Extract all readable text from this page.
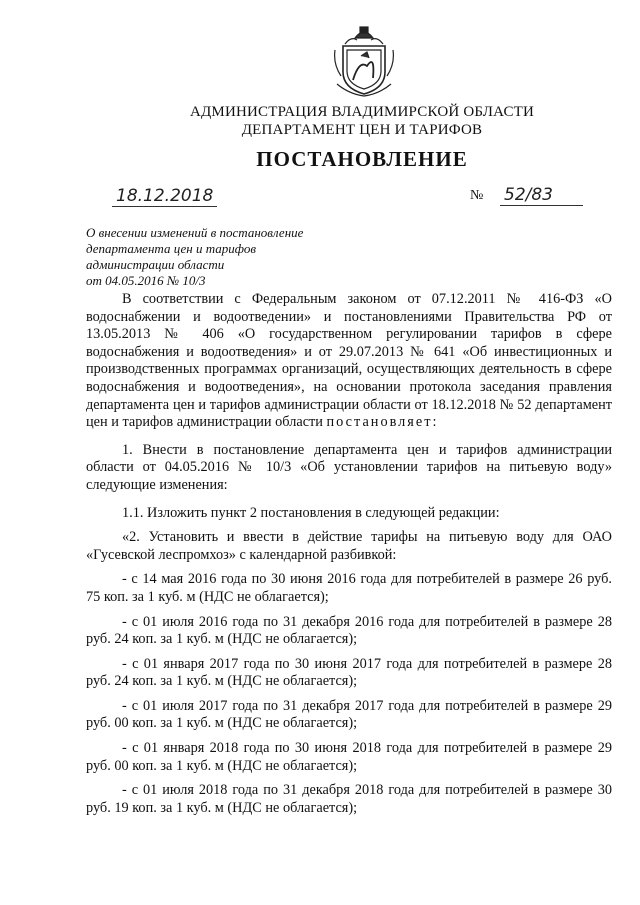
АДМИНИСТРАЦИЯ ВЛАДИМИРСКОЙ ОБЛАСТИ
ДЕПАРТАМЕНТ ЦЕН И ТАРИФОВ
ПОСТАНОВЛЕНИЕ
18.12.2018	№ 52/83
О внесении изменений в постановление
департамента цен и тарифов
администрации области
от 04.05.2016 № 10/3

В соответствии с Федеральным законом от 07.12.2011 № 416-ФЗ «О водоснабжении и водоотведении» и постановлениями Правительства РФ от 13.05.2013 № 406 «О государственном регулировании тарифов в сфере водоснабжения и водоотведения» и от 29.07.2013 № 641 «Об инвестиционных и производственных программах организаций, осуществляющих деятельность в сфере водоснабжения и водоотведения», на основании протокола заседания правления департамента цен и тарифов администрации области от 18.12.2018 № 52 департамент цен и тарифов администрации области постановляет:

1. Внести в постановление департамента цен и тарифов администрации области от 04.05.2016 № 10/3 «Об установлении тарифов на питьевую воду» следующие изменения:

1.1. Изложить пункт 2 постановления в следующей редакции:

«2. Установить и ввести в действие тарифы на питьевую воду для ОАО «Гусевской леспромхоз» с календарной разбивкой:

- с 14 мая 2016 года по 30 июня 2016 года для потребителей в размере 26 руб. 75 коп. за 1 куб. м (НДС не облагается);

- с 01 июля 2016 года по 31 декабря 2016 года для потребителей в размере 28 руб. 24 коп. за 1 куб. м (НДС не облагается);

- с 01 января 2017 года по 30 июня 2017 года для потребителей в размере 28 руб. 24 коп. за 1 куб. м (НДС не облагается);

- с 01 июля 2017 года по 31 декабря 2017 года для потребителей в размере 29 руб. 00 коп. за 1 куб. м (НДС не облагается);

- с 01 января 2018 года по 30 июня 2018 года для потребителей в размере 29 руб. 00 коп. за 1 куб. м (НДС не облагается);

- с 01 июля 2018 года по 31 декабря 2018 года для потребителей в размере 30 руб. 19 коп. за 1 куб. м (НДС не облагается);
